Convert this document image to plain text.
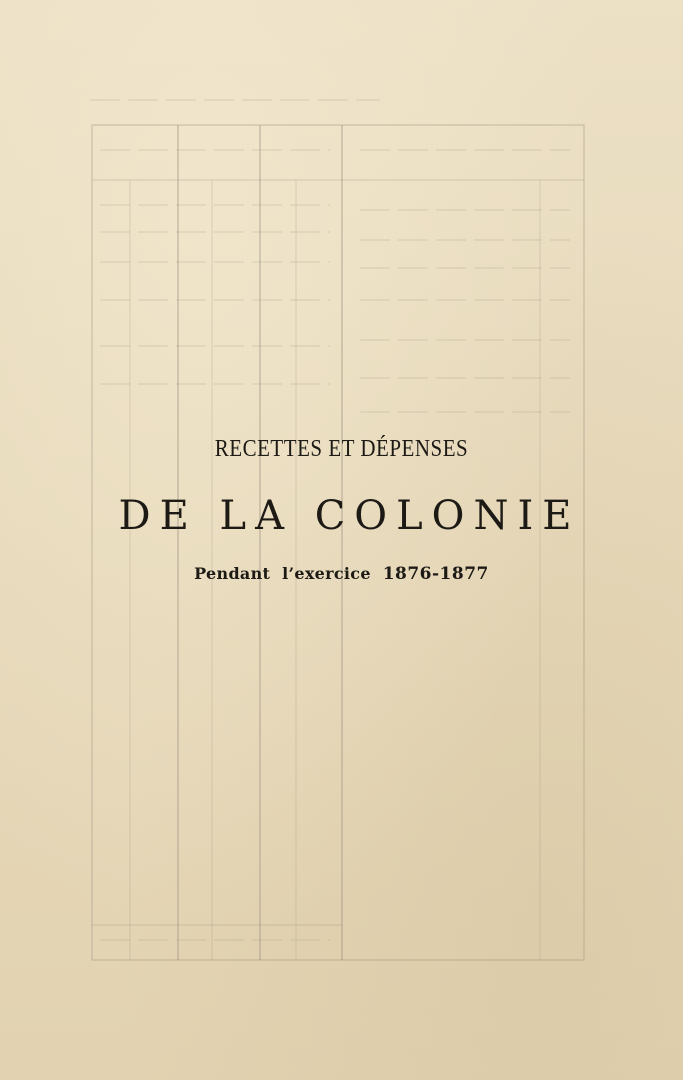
RECETTES ET DÉPENSES
DE LA COLONIE
Pendant l’exercice 1876-1877
